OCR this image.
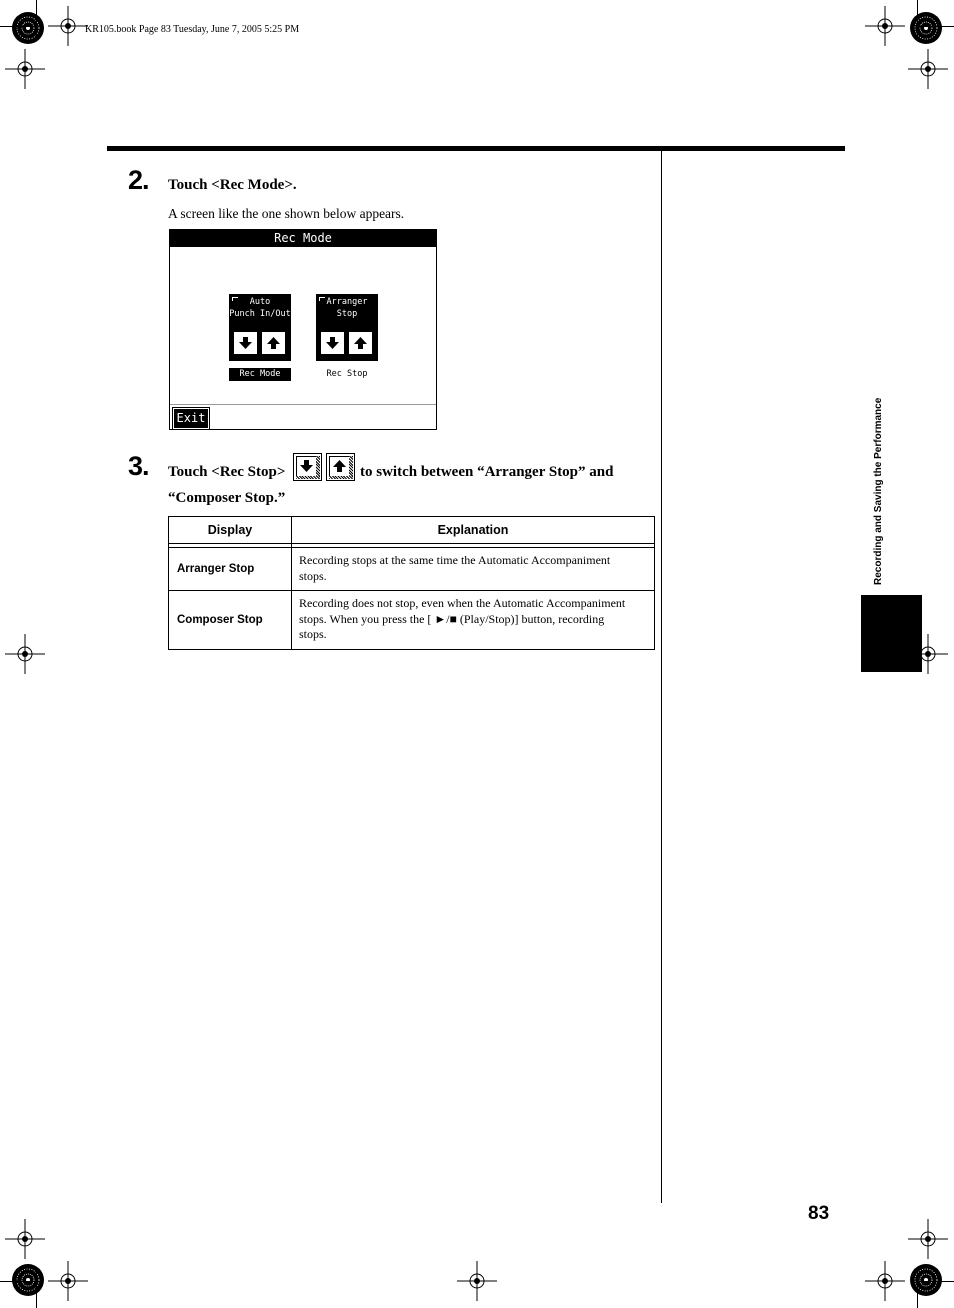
KR105.book Page 83 Tuesday, June 7, 2005 5:25 PM
2. Touch <Rec Mode>.
A screen like the one shown below appears.
Rec Mode
Auto
Punch In/Out
Rec Mode
Arranger
Stop
Rec Stop
Exit
3. Touch <Rec Stop>	to switch between “Arranger Stop” and
“Composer Stop.”
Display	Explanation

Arranger Stop	Recording stops at the same time the Automatic Accompaniment
stops.

Composer Stop	Recording does not stop, even when the Automatic Accompaniment
stops. When you press the [ ►/■ (Play/Stop)] button, recording
stops.
Recording and Saving the Performance
83
